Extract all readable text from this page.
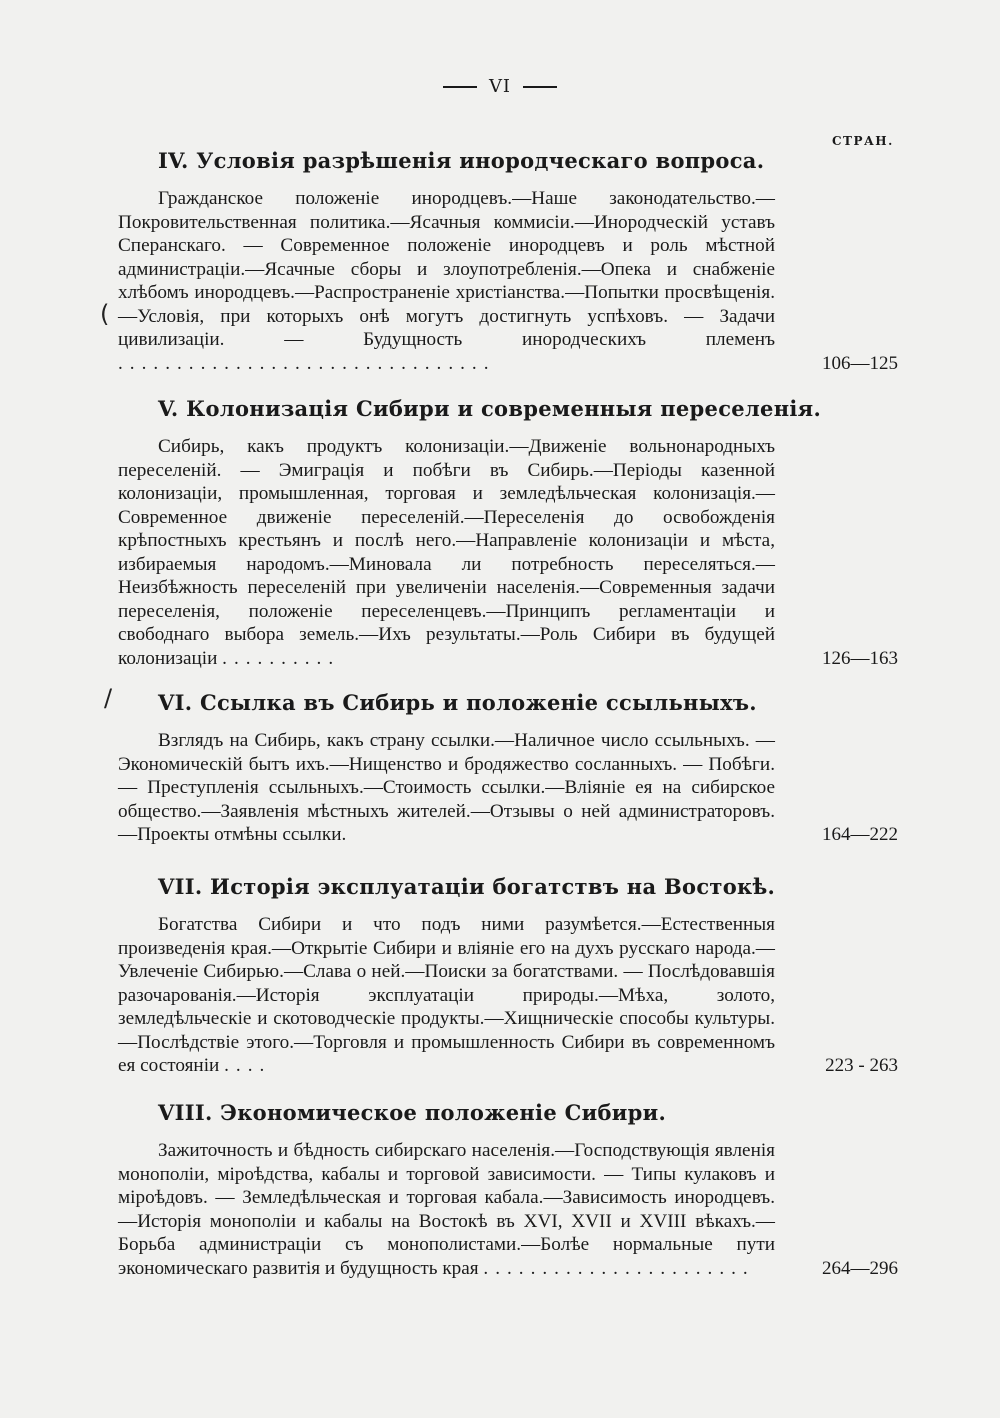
VI
СТРАН.
IV. Условія разрѣшенія инородческаго вопроса.

Гражданское положеніе инородцевъ.—Наше законодательство.—Покровительственная политика.—Ясачныя коммисіи.—Инородческій уставъ Сперанскаго. — Современное положеніе инородцевъ и роль мѣстной администраціи.—Ясачные сборы и злоупотребленія.—Опека и снабженіе хлѣбомъ инородцевъ.—Распространеніе христіанства.—Попытки просвѣщенія.—Условія, при которыхъ онѣ могутъ достигнуть успѣховъ. — Задачи цивилизаціи. — Будущность инородческихъ племенъ ................................	106—125
V. Колонизація Сибири и современныя переселенія.

Сибирь, какъ продуктъ колонизаціи.—Движеніе вольнонародныхъ переселеній. — Эмиграція и побѣги въ Сибирь.—Періоды казенной колонизаціи, промышленная, торговая и земледѣльческая колонизація.—Современное движеніе переселеній.—Переселенія до освобожденія крѣпостныхъ крестьянъ и послѣ него.—Направленіе колонизаціи и мѣста, избираемыя народомъ.—Миновала ли потребность переселяться.—Неизбѣжность переселеній при увеличеніи населенія.—Современныя задачи переселенія, положеніе переселенцевъ.—Принципъ регламентаціи и свободнаго выбора земель.—Ихъ результаты.—Роль Сибири въ будущей колонизаціи ..........	126—163
VI. Ссылка въ Сибирь и положеніе ссыльныхъ.

Взглядъ на Сибирь, какъ страну ссылки.—Наличное число ссыльныхъ. — Экономическій бытъ ихъ.—Нищенство и бродяжество сосланныхъ. — Побѣги. — Преступленія ссыльныхъ.—Стоимость ссылки.—Вліяніе ея на сибирское общество.—Заявленія мѣстныхъ жителей.—Отзывы о ней администраторовъ.—Проекты отмѣны ссылки.	164—222
VII. Исторія эксплуатаціи богатствъ на Востокѣ.

Богатства Сибири и что подъ ними разумѣется.—Естественныя произведенія края.—Открытіе Сибири и вліяніе его на духъ русскаго народа.—Увлеченіе Сибирью.—Слава о ней.—Поиски за богатствами. — Послѣдовавшія разочарованія.—Исторія эксплуатаціи природы.—Мѣха, золото, земледѣльческіе и скотоводческіе продукты.—Хищническіе способы культуры.—Послѣдствіе этого.—Торговля и промышленность Сибири въ современномъ ея состояніи ....	223 - 263
VIII. Экономическое положеніе Сибири.

Зажиточность и бѣдность сибирскаго населенія.—Господствующія явленія монополіи, міроѣдства, кабалы и торговой зависимости. — Типы кулаковъ и міроѣдовъ. — Земледѣльческая и торговая кабала.—Зависимость инородцевъ.—Исторія монополіи и кабалы на Востокѣ въ XVI, XVII и XVIII вѣкахъ.—Борьба администраціи съ монополистами.—Болѣе нормальные пути экономическаго развитія и будущность края .......................	264—296
/
(
